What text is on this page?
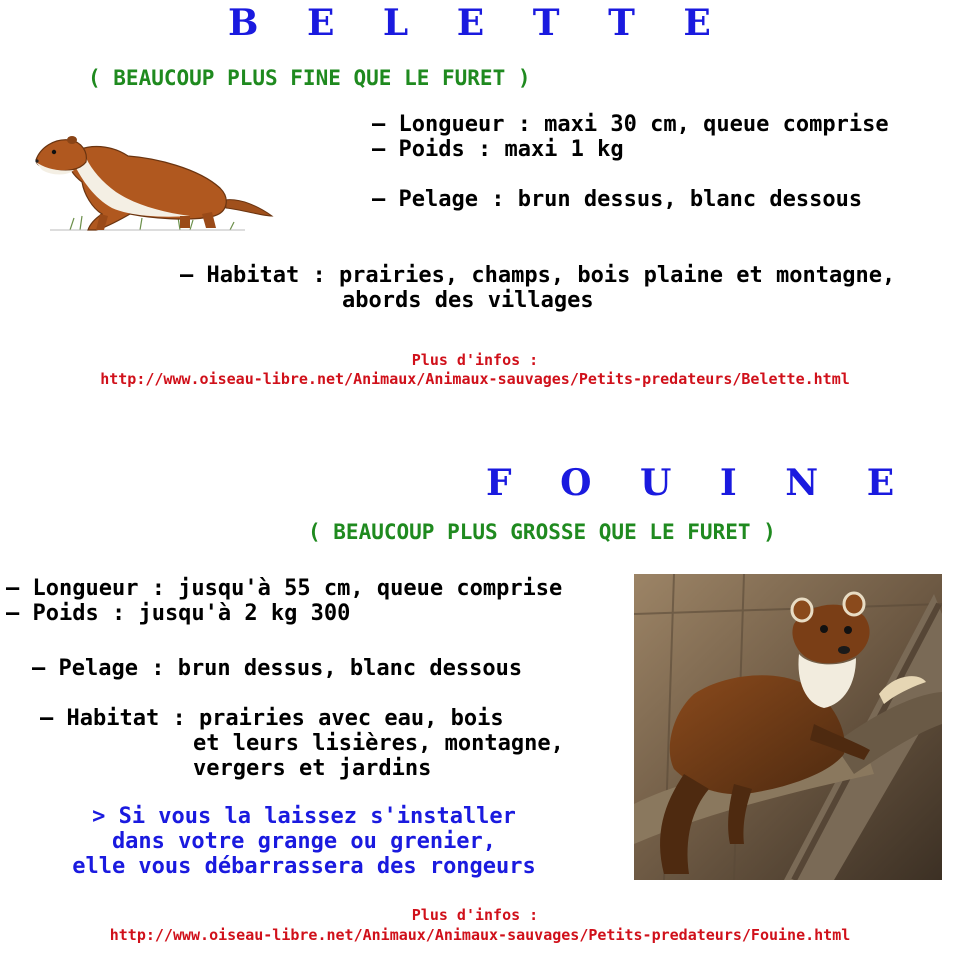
B E L E T T E
( BEAUCOUP PLUS FINE QUE LE FURET )
– Longueur : maxi 30 cm, queue comprise
– Poids : maxi 1 kg
– Pelage : brun dessus, blanc dessous
– Habitat : prairies, champs, bois plaine et montagne,
abords des villages
Plus d'infos :
http://www.oiseau-libre.net/Animaux/Animaux-sauvages/Petits-predateurs/Belette.html
F O U I N E
( BEAUCOUP PLUS GROSSE QUE LE FURET )
– Longueur : jusqu'à 55 cm, queue comprise
– Poids : jusqu'à 2 kg 300
– Pelage : brun dessus, blanc dessous
– Habitat : prairies avec eau, bois
et leurs lisières, montagne,
vergers et jardins
> Si vous la laissez s'installer
dans votre grange ou grenier,
elle vous débarrassera des rongeurs
Plus d'infos :
http://www.oiseau-libre.net/Animaux/Animaux-sauvages/Petits-predateurs/Fouine.html
